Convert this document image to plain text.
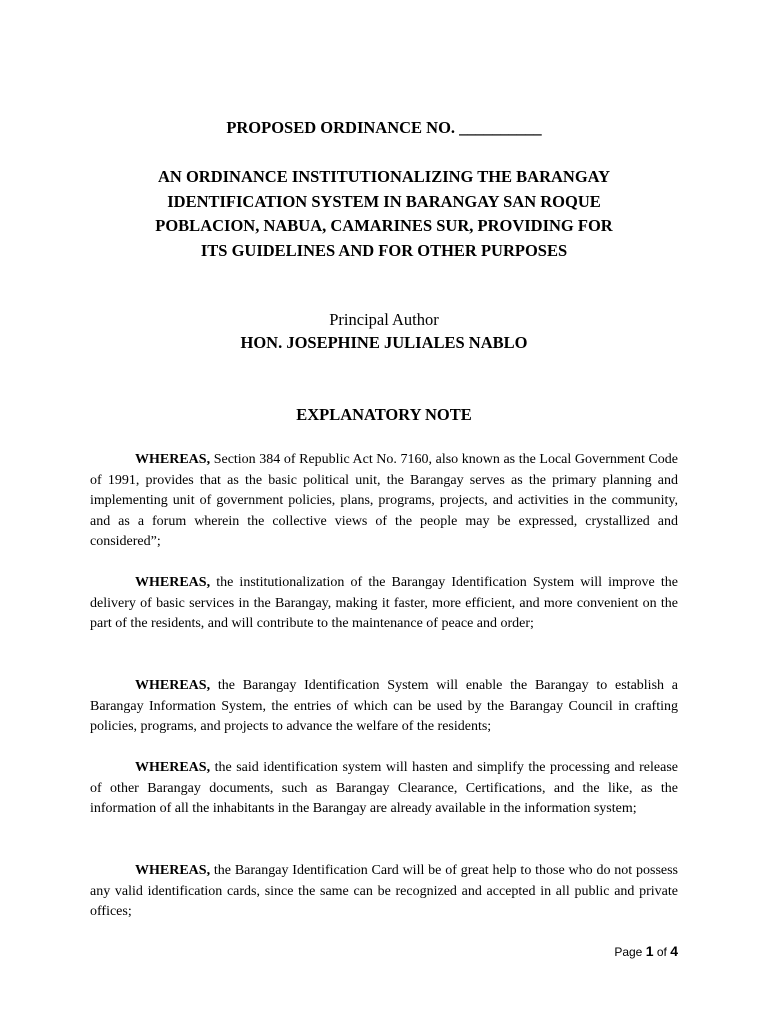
PROPOSED ORDINANCE NO. __________
AN ORDINANCE INSTITUTIONALIZING THE BARANGAY
IDENTIFICATION SYSTEM IN BARANGAY SAN ROQUE
POBLACION, NABUA, CAMARINES SUR, PROVIDING FOR
ITS GUIDELINES AND FOR OTHER PURPOSES
Principal Author
HON. JOSEPHINE JULIALES NABLO
EXPLANATORY NOTE
WHEREAS, Section 384 of Republic Act No. 7160, also known as the Local Government Code of 1991, provides that as the basic political unit, the Barangay serves as the primary planning and implementing unit of government policies, plans, programs, projects, and activities in the community, and as a forum wherein the collective views of the people may be expressed, crystallized and considered”;
WHEREAS, the institutionalization of the Barangay Identification System will improve the delivery of basic services in the Barangay, making it faster, more efficient, and more convenient on the part of the residents, and will contribute to the maintenance of peace and order;
WHEREAS, the Barangay Identification System will enable the Barangay to establish a Barangay Information System, the entries of which can be used by the Barangay Council in crafting policies, programs, and projects to advance the welfare of the residents;
WHEREAS, the said identification system will hasten and simplify the processing and release of other Barangay documents, such as Barangay Clearance, Certifications, and the like, as the information of all the inhabitants in the Barangay are already available in the information system;
WHEREAS, the Barangay Identification Card will be of great help to those who do not possess any valid identification cards, since the same can be recognized and accepted in all public and private offices;
Page 1 of 4
